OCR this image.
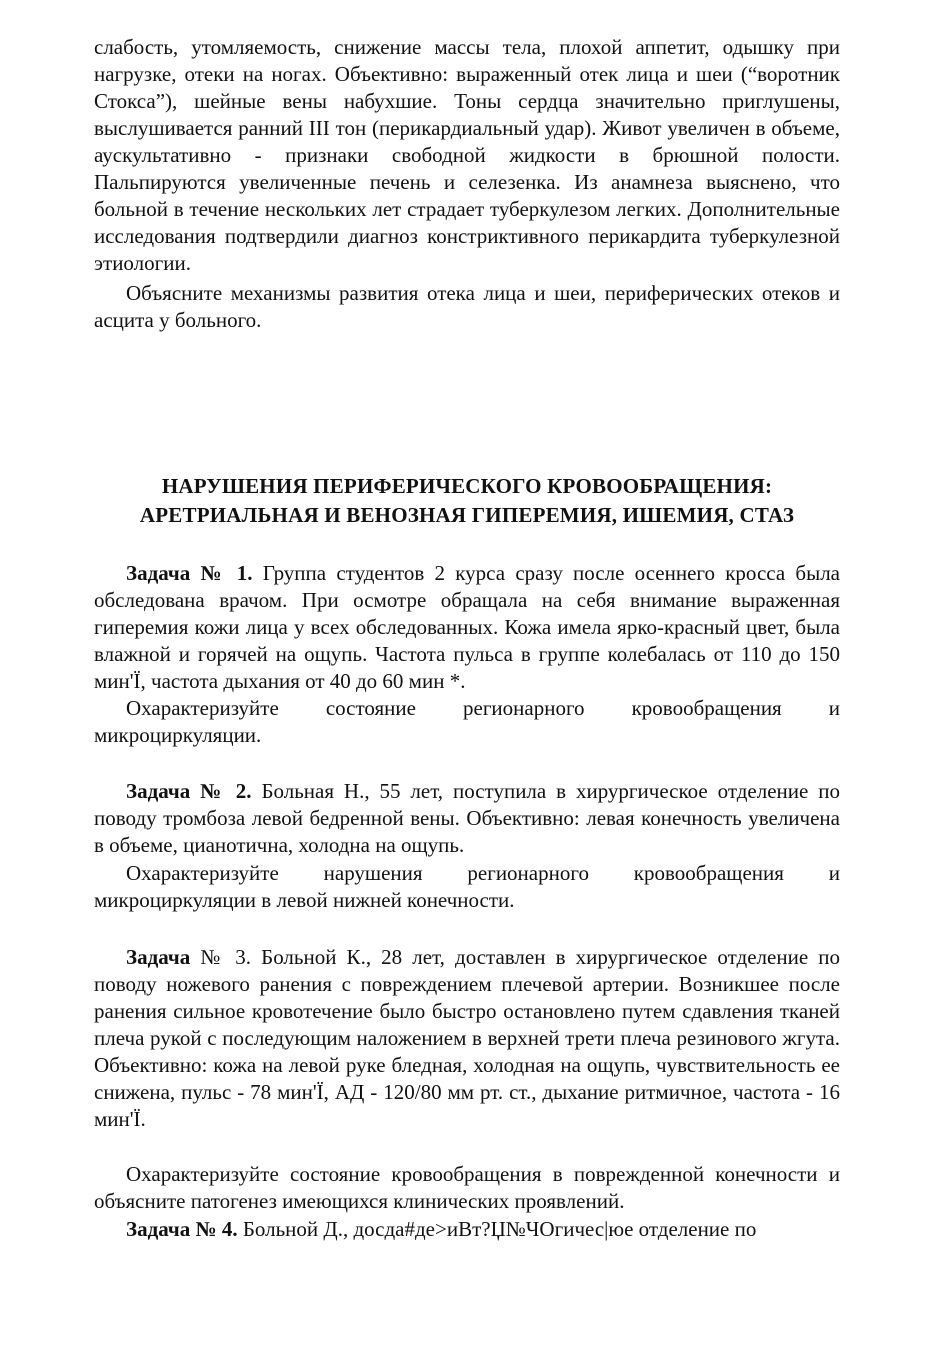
слабость, утомляемость, снижение массы тела, плохой аппетит, одышку при нагрузке, отеки на ногах. Объективно: выраженный отек лица и шеи (“воротник Стокса”), шейные вены набухшие. Тоны сердца значительно приглушены, выслушивается ранний III тон (перикардиальный удар). Живот увеличен в объеме, аускультативно - признаки свободной жидкости в брюшной полости. Пальпируются увеличенные печень и селезенка. Из анамнеза выяснено, что больной в течение нескольких лет страдает туберкулезом легких. Дополнительные исследования подтвердили диагноз констриктивного перикардита туберкулезной этиологии.

Объясните механизмы развития отека лица и шеи, периферических отеков и асцита у больного.

НАРУШЕНИЯ ПЕРИФЕРИЧЕСКОГО КРОВООБРАЩЕНИЯ:
АРЕТРИАЛЬНАЯ И ВЕНОЗНАЯ ГИПЕРЕМИЯ, ИШЕМИЯ, СТАЗ

Задача № 1. Группа студентов 2 курса сразу после осеннего кросса была обследована врачом. При осмотре обращала на себя внимание выраженная гиперемия кожи лица у всех обследованных. Кожа имела ярко-красный цвет, была влажной и горячей на ощупь. Частота пульса в группе колебалась от 110 до 150 мин'Ї, частота дыхания от 40 до 60 мин *.

Охарактеризуйте состояние регионарного кровообращения и микроциркуляции.

Задача № 2. Больная Н., 55 лет, поступила в хирургическое отделение по поводу тромбоза левой бедренной вены. Объективно: левая конечность увеличена в объеме, цианотична, холодна на ощупь.

Охарактеризуйте нарушения регионарного кровообращения и микроциркуляции в левой нижней конечности.

Задача № 3. Больной К., 28 лет, доставлен в хирургическое отделение по поводу ножевого ранения с повреждением плечевой артерии. Возникшее после ранения сильное кровотечение было быстро остановлено путем сдавления тканей плеча рукой с последующим наложением в верхней трети плеча резинового жгута. Объективно: кожа на левой руке бледная, холодная на ощупь, чувствительность ее снижена, пульс - 78 мин'Ї, АД - 120/80 мм рт. ст., дыхание ритмичное, частота - 16 мин'Ї.

Охарактеризуйте состояние кровообращения в поврежденной конечности и объясните патогенез имеющихся клинических проявлений.

Задача № 4. Больной Д., досда#де>иВт?Џ№ЧОгичес|юе отделение по
